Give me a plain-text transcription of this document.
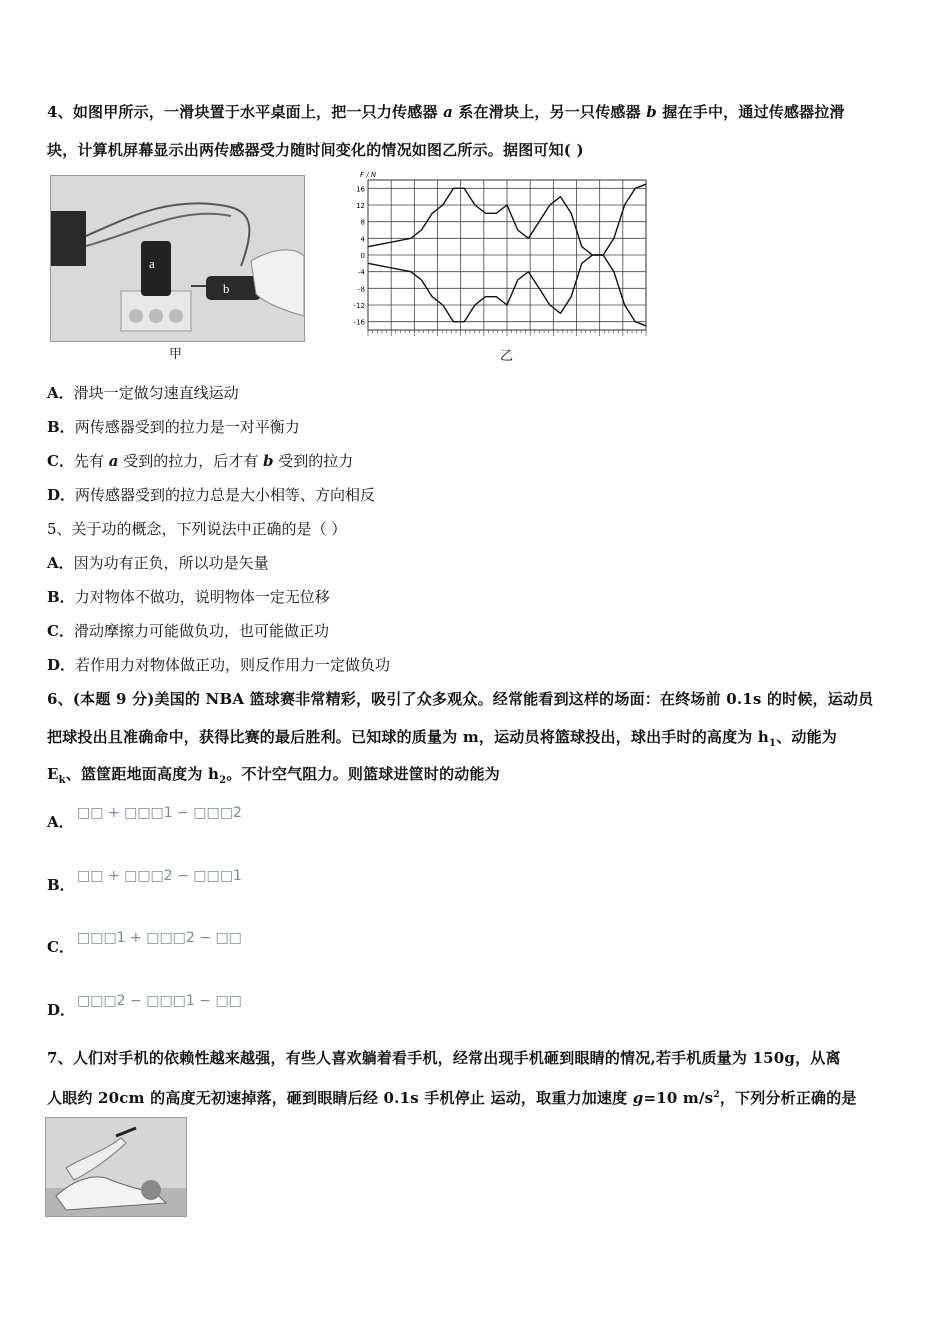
4、如图甲所示，一滑块置于水平桌面上，把一只力传感器 a 系在滑块上，另一只传感器 b 握在手中，通过传感器拉滑
块，计算机屏幕显示出两传感器受力随时间变化的情况如图乙所示。据图可知( )
a
b
甲
16
12
8
4
0
-4
-8
-12
-16
F / N
乙
A．滑块一定做匀速直线运动
B．两传感器受到的拉力是一对平衡力
C．先有 a 受到的拉力，后才有 b 受到的拉力
D．两传感器受到的拉力总是大小相等、方向相反
5、关于功的概念，下列说法中正确的是（ ）
A．因为功有正负，所以功是矢量
B．力对物体不做功，说明物体一定无位移
C．滑动摩擦力可能做负功，也可能做正功
D．若作用力对物体做正功，则反作用力一定做负功
6、(本题 9 分)美国的 NBA 篮球赛非常精彩，吸引了众多观众。经常能看到这样的场面：在终场前 0.1s 的时候，运动员
把球投出且准确命中，获得比赛的最后胜利。已知球的质量为 m，运动员将篮球投出，球出手时的高度为 $h_1$、动能为
$E_k$、篮筐距地面高度为 $h_2$。不计空气阻力。则篮球进筐时的动能为
A． □□ + □□□1 − □□□2
B． □□ + □□□2 − □□□1
C． □□□1 + □□□2 − □□
D． □□□2 − □□□1 − □□
7、人们对手机的依赖性越来越强，有些人喜欢躺着看手机，经常出现手机砸到眼睛的情况,若手机质量为 150g，从离
人眼约 20cm 的高度无初速掉落，砸到眼睛后经 0.1s 手机停止 运动，取重力加速度 g=10 $m/s^2$，下列分析正确的是
